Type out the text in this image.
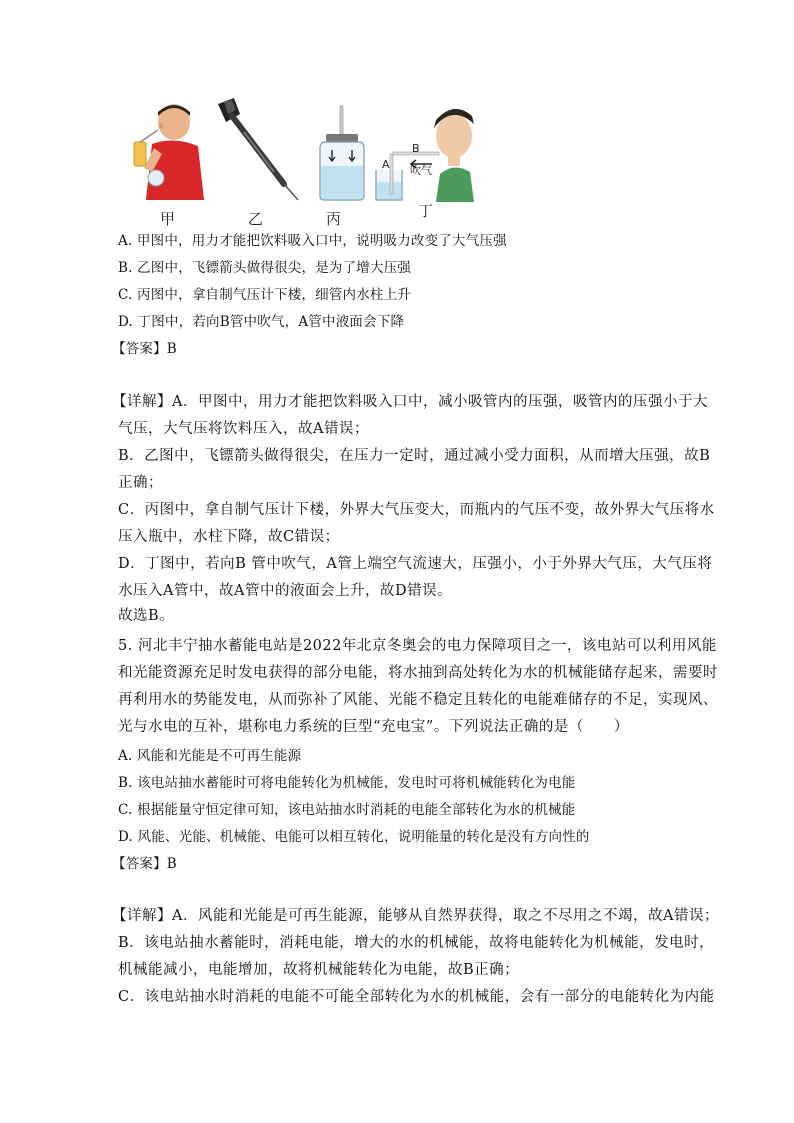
甲	乙	丙
B
A 吹气
丁
A. 甲图中，用力才能把饮料吸入口中，说明吸力改变了大气压强
B. 乙图中，飞镖箭头做得很尖，是为了增大压强
C. 丙图中，拿自制气压计下楼，细管内水柱上升
D. 丁图中，若向B管中吹气，A管中液面会下降
【答案】B
【详解】A．甲图中，用力才能把饮料吸入口中，减小吸管内的压强，吸管内的压强小于大
气压，大气压将饮料压入，故A错误；
B．乙图中，飞镖箭头做得很尖，在压力一定时，通过减小受力面积，从而增大压强，故B
正确；
C．丙图中，拿自制气压计下楼，外界大气压变大，而瓶内的气压不变，故外界大气压将水
压入瓶中，水柱下降，故C错误；
D．丁图中，若向B 管中吹气，A管上端空气流速大，压强小，小于外界大气压，大气压将
水压入A管中，故A管中的液面会上升，故D错误。
故选B。
5. 河北丰宁抽水蓄能电站是2022年北京冬奥会的电力保障项目之一，该电站可以利用风能
和光能资源充足时发电获得的部分电能，将水抽到高处转化为水的机械能储存起来，需要时
再利用水的势能发电，从而弥补了风能、光能不稳定且转化的电能难储存的不足，实现风、
光与水电的互补，堪称电力系统的巨型“充电宝”。下列说法正确的是（　　）
A. 风能和光能是不可再生能源
B. 该电站抽水蓄能时可将电能转化为机械能，发电时可将机械能转化为电能
C. 根据能量守恒定律可知，该电站抽水时消耗的电能全部转化为水的机械能
D. 风能、光能、机械能、电能可以相互转化，说明能量的转化是没有方向性的
【答案】B
【详解】A．风能和光能是可再生能源，能够从自然界获得，取之不尽用之不竭，故A错误；
B．该电站抽水蓄能时，消耗电能，增大的水的机械能，故将电能转化为机械能，发电时，
机械能减小，电能增加，故将机械能转化为电能，故B正确；
C．该电站抽水时消耗的电能不可能全部转化为水的机械能，会有一部分的电能转化为内能
